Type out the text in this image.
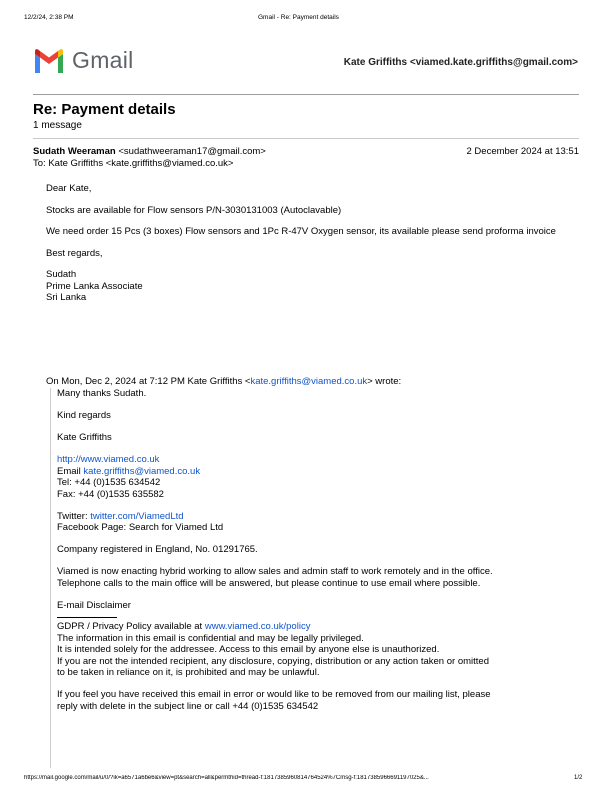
12/2/24, 2:38 PM	Gmail - Re: Payment details
Gmail	Kate Griffiths <viamed.kate.griffiths@gmail.com>
Re: Payment details
1 message
Sudath Weeraman <sudathweeraman17@gmail.com>	2 December 2024 at 13:51
To: Kate Griffiths <kate.griffiths@viamed.co.uk>

Dear Kate,

Stocks are available for Flow sensors P/N-3030131003 (Autoclavable)

We need order 15 Pcs (3 boxes) Flow sensors and 1Pc R-47V Oxygen sensor, its available please send proforma invoice

Best regards,

Sudath
Prime Lanka Associate
Sri Lanka
On Mon, Dec 2, 2024 at 7:12 PM Kate Griffiths <kate.griffiths@viamed.co.uk> wrote:

Many thanks Sudath.

Kind regards

Kate Griffiths

http://www.viamed.co.uk
Email kate.griffiths@viamed.co.uk
Tel: +44 (0)1535 634542
Fax: +44 (0)1535 635582

Twitter: twitter.com/ViamedLtd
Facebook Page: Search for Viamed Ltd

Company registered in England, No. 01291765.

Viamed is now enacting hybrid working to allow sales and admin staff to work remotely and in the office.
Telephone calls to the main office will be answered, but please continue to use email where possible.

E-mail Disclaimer

GDPR / Privacy Policy available at www.viamed.co.uk/policy
The information in this email is confidential and may be legally privileged.
It is intended solely for the addressee. Access to this email by anyone else is unauthorized.
If you are not the intended recipient, any disclosure, copying, distribution or any action taken or omitted
to be taken in reliance on it, is prohibited and may be unlawful.

If you feel you have received this email in error or would like to be removed from our mailing list, please
reply with delete in the subject line or call +44 (0)1535 634542

https://mail.google.com/mail/u/0/?ik=a6571a6be6&view=pt&search=all&permthid=thread-f:1817385960814764524%7Cmsg-f:1817385966691197025&...	1/2
